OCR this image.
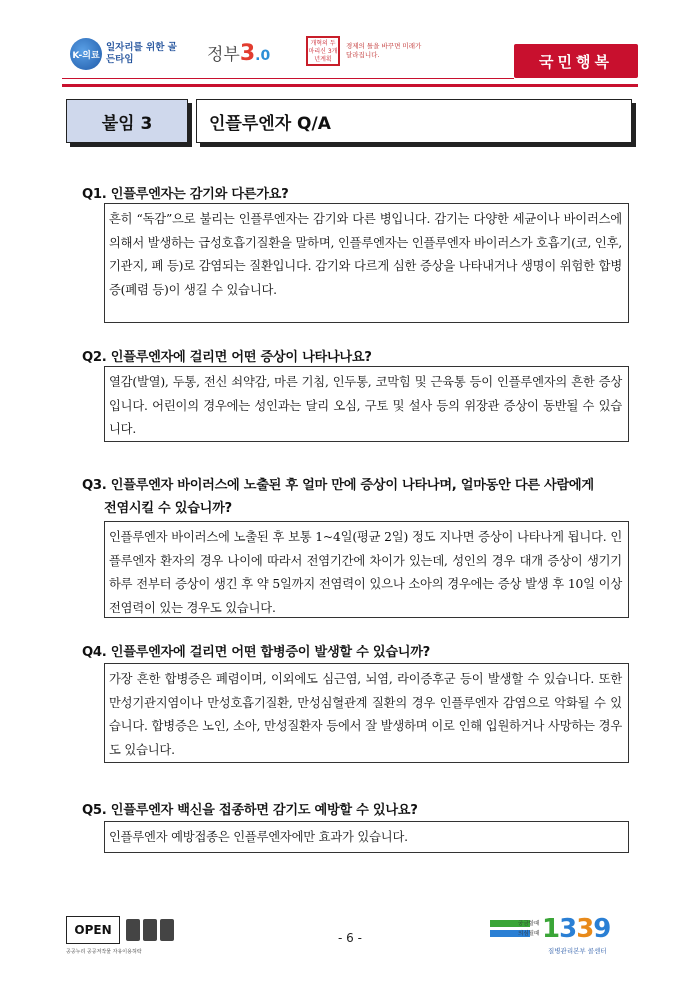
K-의료
일자리를 위한 골든타임	정부3.0
개혁의 두마리신 3개년계획
경제의 틀을 바꾸면 미래가 달라집니다.	국민행복
붙임 3	인플루엔자 Q/A
Q1. 인플루엔자는 감기와 다른가요?
흔히 “독감”으로 불리는 인플루엔자는 감기와 다른 병입니다. 감기는 다양한 세균이나 바이러스에 의해서 발생하는 급성호흡기질환을 말하며, 인플루엔자는 인플루엔자 바이러스가 호흡기(코, 인후, 기관지, 폐 등)로 감염되는 질환입니다. 감기와 다르게 심한 증상을 나타내거나 생명이 위험한 합병증(폐렴 등)이 생길 수 있습니다.
Q2. 인플루엔자에 걸리면 어떤 증상이 나타나나요?
열감(발열), 두통, 전신 쇠약감, 마른 기침, 인두통, 코막힘 및 근육통 등이 인플루엔자의 흔한 증상입니다. 어린이의 경우에는 성인과는 달리 오심, 구토 및 설사 등의 위장관 증상이 동반될 수 있습니다.
Q3. 인플루엔자 바이러스에 노출된 후 얼마 만에 증상이 나타나며, 얼마동안 다른 사람에게
전염시킬 수 있습니까?
인플루엔자 바이러스에 노출된 후 보통 1~4일(평균 2일) 정도 지나면 증상이 나타나게 됩니다. 인플루엔자 환자의 경우 나이에 따라서 전염기간에 차이가 있는데, 성인의 경우 대개 증상이 생기기 하루 전부터 증상이 생긴 후 약 5일까지 전염력이 있으나 소아의 경우에는 증상 발생 후 10일 이상 전염력이 있는 경우도 있습니다.
Q4. 인플루엔자에 걸리면 어떤 합병증이 발생할 수 있습니까?
가장 흔한 합병증은 폐렴이며, 이외에도 심근염, 뇌염, 라이증후군 등이 발생할 수 있습니다. 또한 만성기관지염이나 만성호흡기질환, 만성심혈관계 질환의 경우 인플루엔자 감염으로 악화될 수 있습니다. 합병증은 노인, 소아, 만성질환자 등에서 잘 발생하며 이로 인해 입원하거나 사망하는 경우도 있습니다.
Q5. 인플루엔자 백신을 접종하면 감기도 예방할 수 있나요?
인플루엔자 예방접종은 인플루엔자에만 효과가 있습니다.
OPEN
공공누리 공공저작물 자유이용허락
- 6 -
궁금할때
의심될때 1339
질병관리본부 콜센터
